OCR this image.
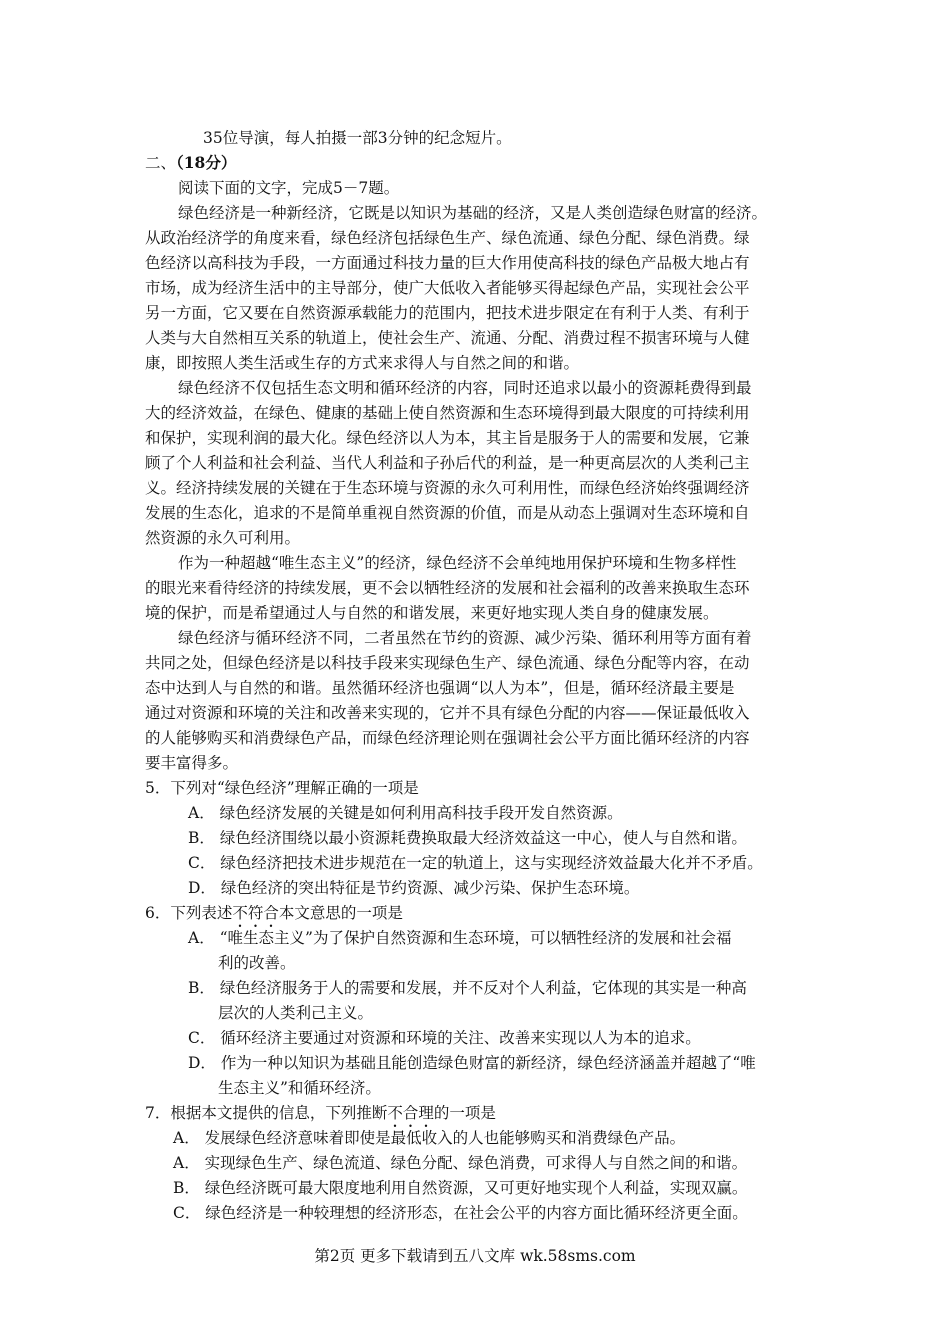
35位导演，每人拍摄一部3分钟的纪念短片。
二、（18分）
阅读下面的文字，完成5－7题。
绿色经济是一种新经济，它既是以知识为基础的经济，又是人类创造绿色财富的经济。
从政治经济学的角度来看，绿色经济包括绿色生产、绿色流通、绿色分配、绿色消费。绿
色经济以高科技为手段，一方面通过科技力量的巨大作用使高科技的绿色产品极大地占有
市场，成为经济生活中的主导部分，使广大低收入者能够买得起绿色产品，实现社会公平
另一方面，它又要在自然资源承载能力的范围内，把技术进步限定在有利于人类、有利于
人类与大自然相互关系的轨道上，使社会生产、流通、分配、消费过程不损害环境与人健
康，即按照人类生活或生存的方式来求得人与自然之间的和谐。
绿色经济不仅包括生态文明和循环经济的内容，同时还追求以最小的资源耗费得到最
大的经济效益，在绿色、健康的基础上使自然资源和生态环境得到最大限度的可持续利用
和保护，实现利润的最大化。绿色经济以人为本，其主旨是服务于人的需要和发展，它兼
顾了个人利益和社会利益、当代人利益和子孙后代的利益，是一种更高层次的人类利己主
义。经济持续发展的关键在于生态环境与资源的永久可利用性，而绿色经济始终强调经济
发展的生态化，追求的不是简单重视自然资源的价值，而是从动态上强调对生态环境和自
然资源的永久可利用。
作为一种超越“唯生态主义”的经济，绿色经济不会单纯地用保护环境和生物多样性
的眼光来看待经济的持续发展，更不会以牺牲经济的发展和社会福利的改善来换取生态环
境的保护，而是希望通过人与自然的和谐发展，来更好地实现人类自身的健康发展。
绿色经济与循环经济不同，二者虽然在节约的资源、减少污染、循环利用等方面有着
共同之处，但绿色经济是以科技手段来实现绿色生产、绿色流通、绿色分配等内容，在动
态中达到人与自然的和谐。虽然循环经济也强调“以人为本”，但是，循环经济最主要是
通过对资源和环境的关注和改善来实现的，它并不具有绿色分配的内容——保证最低收入
的人能够购买和消费绿色产品，而绿色经济理论则在强调社会公平方面比循环经济的内容
要丰富得多。
5．下列对“绿色经济”理解正确的一项是
A． 绿色经济发展的关键是如何利用高科技手段开发自然资源。
B． 绿色经济围绕以最小资源耗费换取最大经济效益这一中心，使人与自然和谐。
C． 绿色经济把技术进步规范在一定的轨道上，这与实现经济效益最大化并不矛盾。
D． 绿色经济的突出特征是节约资源、减少污染、保护生态环境。
6．下列表述不符合本文意思的一项是
A． “唯生态主义”为了保护自然资源和生态环境，可以牺牲经济的发展和社会福
利的改善。
B． 绿色经济服务于人的需要和发展，并不反对个人利益，它体现的其实是一种高
层次的人类利己主义。
C． 循环经济主要通过对资源和环境的关注、改善来实现以人为本的追求。
D． 作为一种以知识为基础且能创造绿色财富的新经济，绿色经济涵盖并超越了“唯
生态主义”和循环经济。
7．根据本文提供的信息，下列推断不合理的一项是
A． 发展绿色经济意味着即使是最低收入的人也能够购买和消费绿色产品。
A． 实现绿色生产、绿色流道、绿色分配、绿色消费，可求得人与自然之间的和谐。
B． 绿色经济既可最大限度地利用自然资源，又可更好地实现个人利益，实现双赢。
C． 绿色经济是一种较理想的经济形态，在社会公平的内容方面比循环经济更全面。
第2页 更多下载请到五八文库 wk.58sms.com
